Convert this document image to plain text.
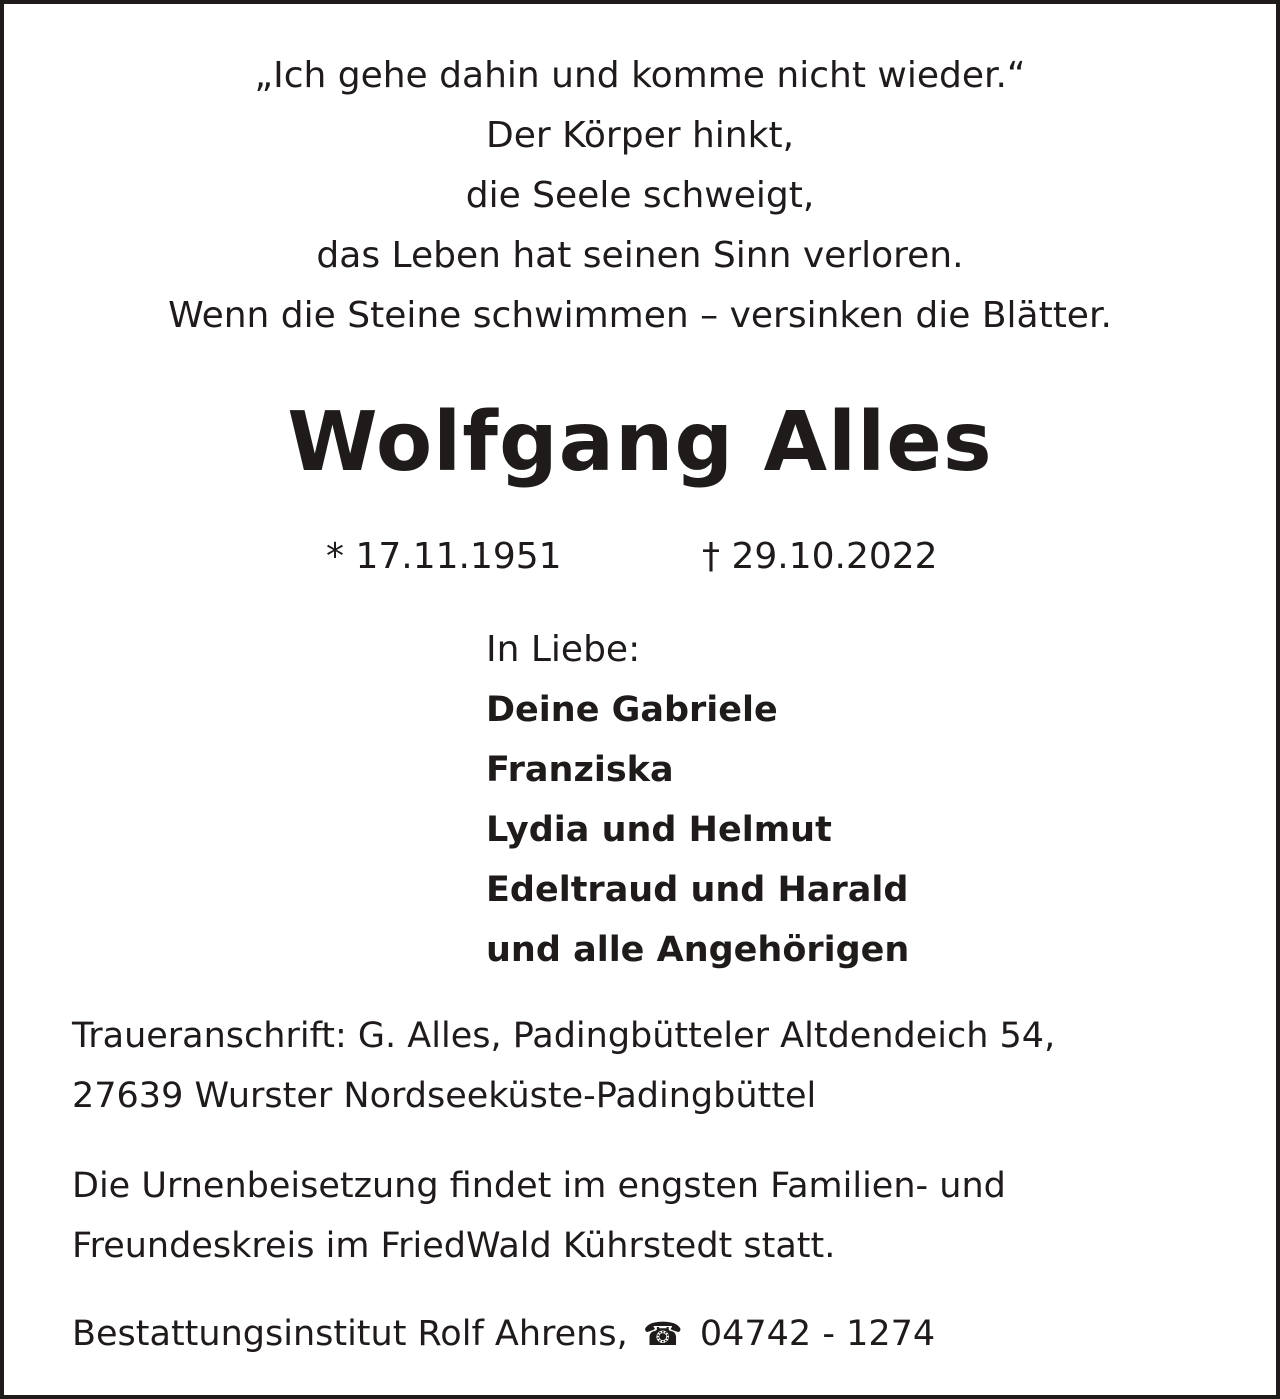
„Ich gehe dahin und komme nicht wieder.“
Der Körper hinkt,
die Seele schweigt,
das Leben hat seinen Sinn verloren.
Wenn die Steine schwimmen – versinken die Blätter.
Wolfgang Alles
* 17.11.1951	† 29.10.2022
In Liebe:
Deine Gabriele
Franziska
Lydia und Helmut
Edeltraud und Harald
und alle Angehörigen
Traueranschrift: G. Alles, Padingbütteler Altdendeich 54,
27639 Wurster Nordseeküste-Padingbüttel
Die Urnenbeisetzung findet im engsten Familien- und
Freundeskreis im FriedWald Kührstedt statt.
Bestattungsinstitut Rolf Ahrens, ☎ 04742 - 1274
